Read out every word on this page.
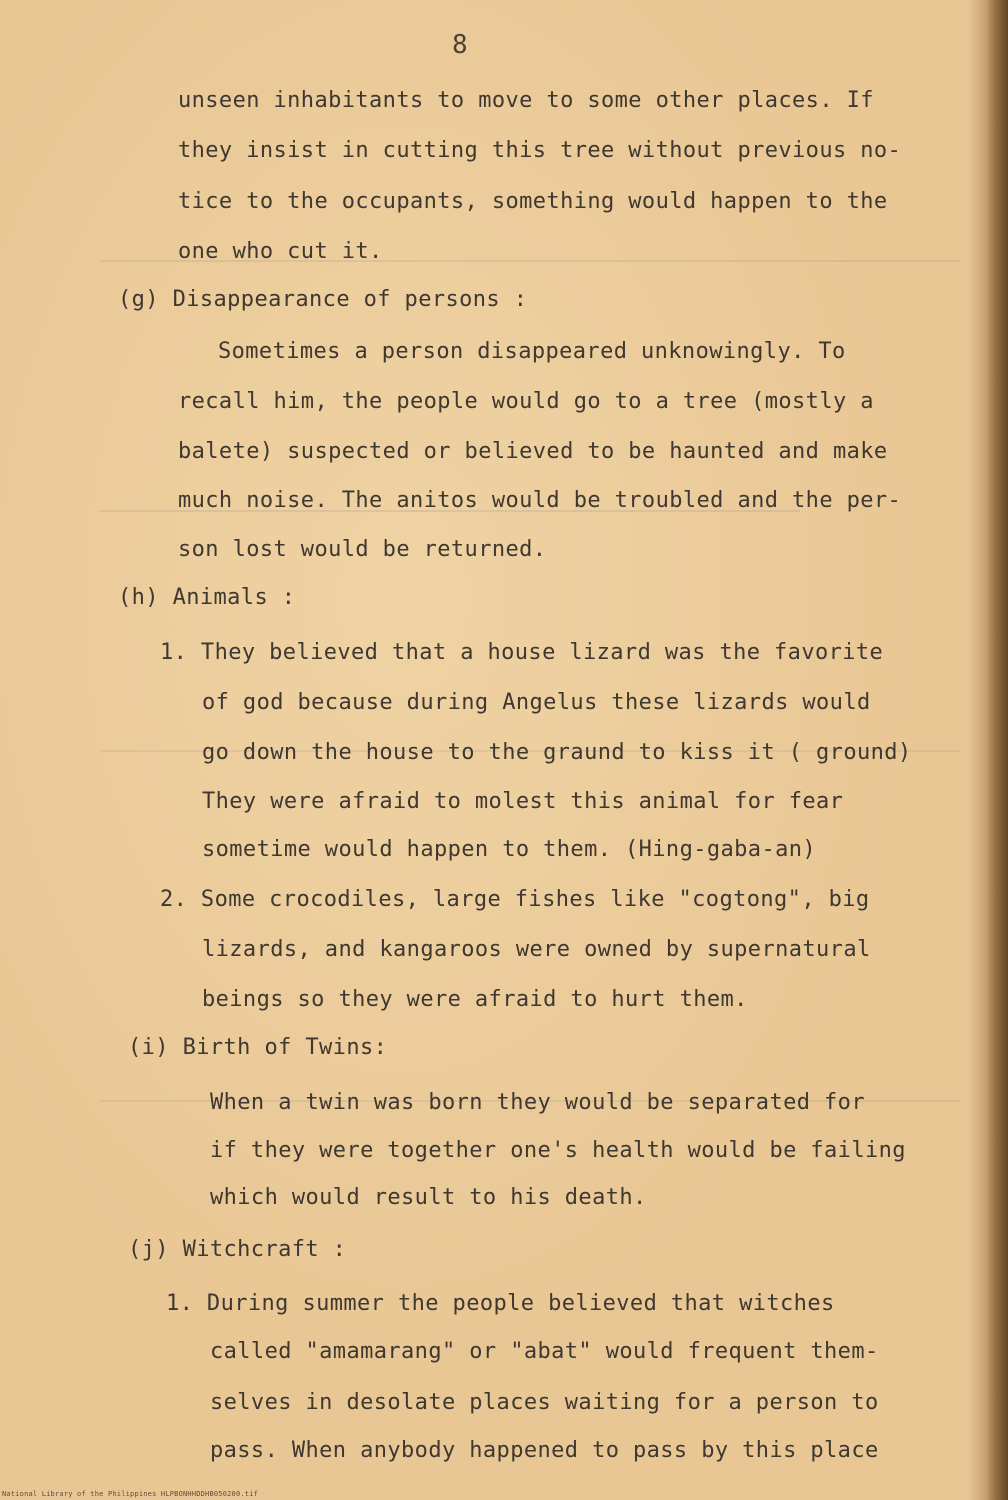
8
unseen inhabitants to move to some other places. If
they insist in cutting this tree without previous no-
tice to the occupants, something would happen to the
one who cut it.
(g) Disappearance of persons :
Sometimes a person disappeared unknowingly. To
recall him, the people would go to a tree (mostly a
balete) suspected or believed to be haunted and make
much noise. The anitos would be troubled and the per-
son lost would be returned.
(h) Animals :
1. They believed that a house lizard was the favorite
of god because during Angelus these lizards would
go down the house to the graund to kiss it ( ground)
They were afraid to molest this animal for fear
sometime would happen to them. (Hing-gaba-an)
2. Some crocodiles, large fishes like "cogtong", big
lizards, and kangaroos were owned by supernatural
beings so they were afraid to hurt them.
(i) Birth of Twins:
When a twin was born they would be separated for
if they were together one's health would be failing
which would result to his death.
(j) Witchcraft :
1. During summer the people believed that witches
called "amamarang" or "abat" would frequent them-
selves in desolate places waiting for a person to
pass. When anybody happened to pass by this place
National Library of the Philippines HLPBONHHDDHB050200.tif
